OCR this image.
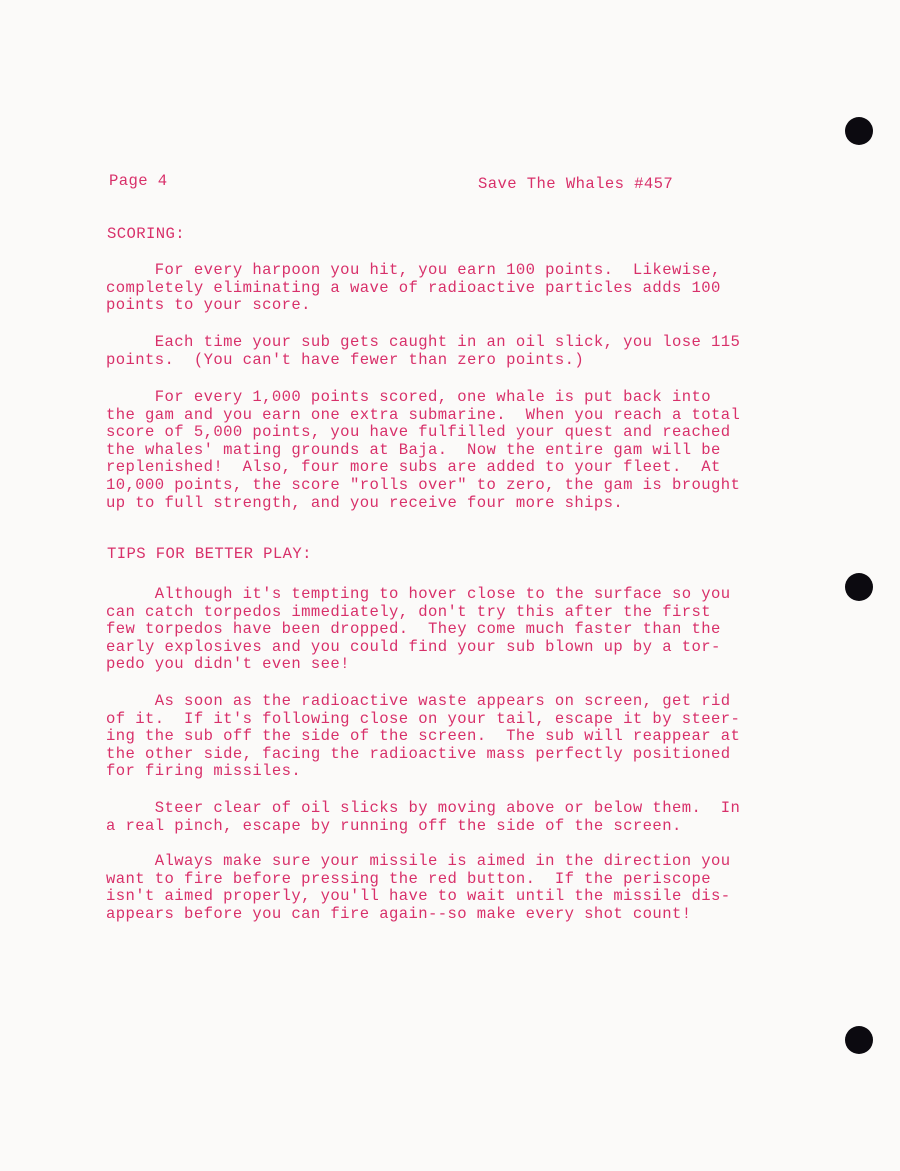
Page 4	Save The Whales #457
SCORING:
For every harpoon you hit, you earn 100 points.  Likewise,
completely eliminating a wave of radioactive particles adds 100
points to your score.
Each time your sub gets caught in an oil slick, you lose 115
points.  (You can't have fewer than zero points.)
For every 1,000 points scored, one whale is put back into
the gam and you earn one extra submarine.  When you reach a total
score of 5,000 points, you have fulfilled your quest and reached
the whales' mating grounds at Baja.  Now the entire gam will be
replenished!  Also, four more subs are added to your fleet.  At
10,000 points, the score "rolls over" to zero, the gam is brought
up to full strength, and you receive four more ships.
TIPS FOR BETTER PLAY:
Although it's tempting to hover close to the surface so you
can catch torpedos immediately, don't try this after the first
few torpedos have been dropped.  They come much faster than the
early explosives and you could find your sub blown up by a tor-
pedo you didn't even see!
As soon as the radioactive waste appears on screen, get rid
of it.  If it's following close on your tail, escape it by steer-
ing the sub off the side of the screen.  The sub will reappear at
the other side, facing the radioactive mass perfectly positioned
for firing missiles.
Steer clear of oil slicks by moving above or below them.  In
a real pinch, escape by running off the side of the screen.
Always make sure your missile is aimed in the direction you
want to fire before pressing the red button.  If the periscope
isn't aimed properly, you'll have to wait until the missile dis-
appears before you can fire again--so make every shot count!
